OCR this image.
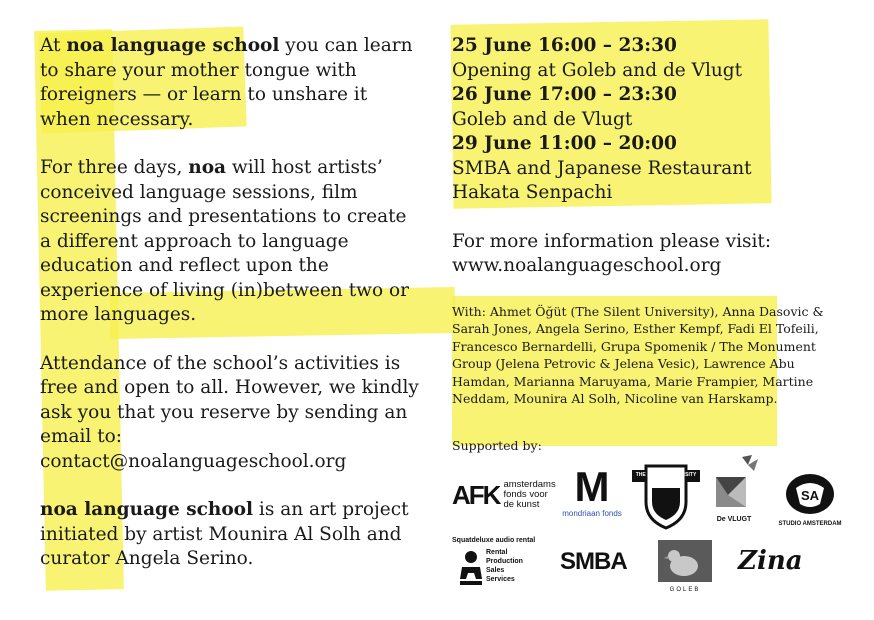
At noa language school you can learn to share your mother tongue with foreigners — or learn to unshare it when necessary.

For three days, noa will host artists’ conceived language sessions, film screenings and presentations to create a different approach to language education and reflect upon the experience of living (in)between two or more languages.

Attendance of the school’s activities is free and open to all. However, we kindly ask you that you reserve by sending an email to:
contact@noalanguageschool.org

noa language school is an art project initiated by artist Mounira Al Solh and curator Angela Serino.

25 June 16:00 – 23:30
Opening at Goleb and de Vlugt
26 June 17:00 – 23:30
Goleb and de Vlugt
29 June 11:00 – 20:00
SMBA and Japanese Restaurant Hakata Senpachi
For more information please visit:
www.noalanguageschool.org
With: Ahmet Öğüt (The Silent University), Anna Dasovic & Sarah Jones, Angela Serino, Esther Kempf, Fadi El Tofeili, Francesco Bernardelli, Grupa Spomenik / The Monument Group (Jelena Petrovic & Jelena Vesic), Lawrence Abu Hamdan, Marianna Maruyama, Marie Frampier, Martine Neddam, Mounira Al Solh, Nicoline van Harskamp.
Supported by:
AFK amsterdams fonds voor de kunst M
mondriaan fonds
THE SILENT UNIVERSITY
De VLUGT
SA
STUDIO AMSTERDAM
Squatdeluxe audio rental
Rental
Production
Sales
Services
SMBA
GOLEB
Zina
